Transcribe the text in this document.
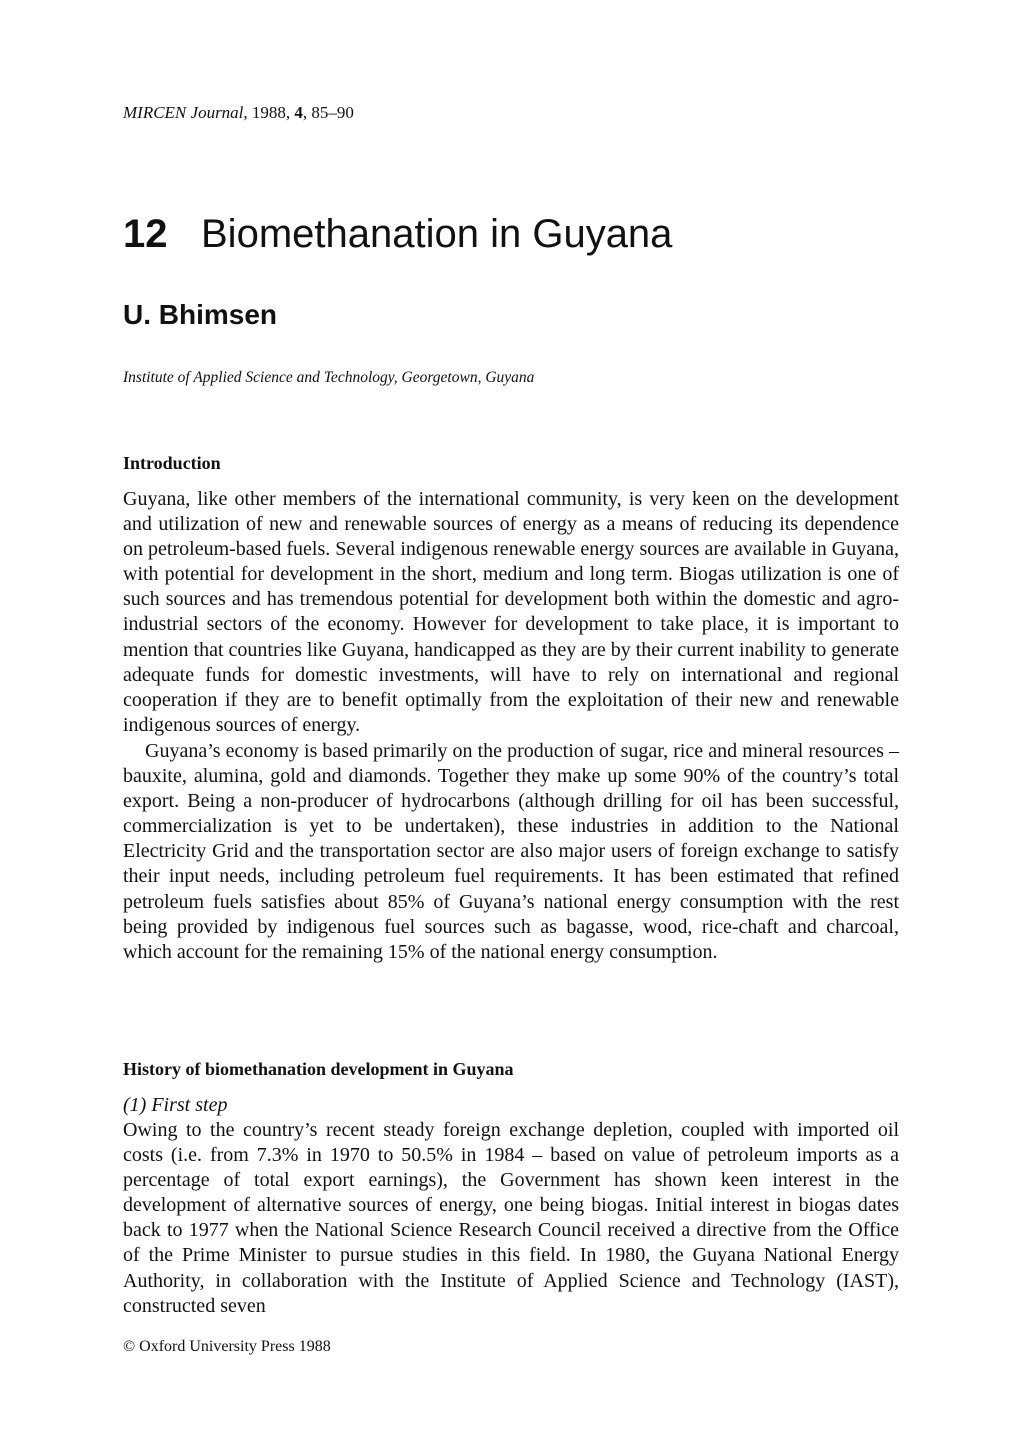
MIRCEN Journal, 1988, 4, 85–90
12 Biomethanation in Guyana
U. Bhimsen
Institute of Applied Science and Technology, Georgetown, Guyana
Introduction

Guyana, like other members of the international community, is very keen on the development and utilization of new and renewable sources of energy as a means of reducing its dependence on petroleum-based fuels. Several indigenous renewable energy sources are available in Guyana, with potential for development in the short, medium and long term. Biogas utilization is one of such sources and has tremendous potential for development both within the domestic and agro-industrial sectors of the economy. However for development to take place, it is important to mention that countries like Guyana, handicapped as they are by their current inability to generate adequate funds for domestic investments, will have to rely on international and regional cooperation if they are to benefit optimally from the exploitation of their new and renewable indigenous sources of energy.

Guyana’s economy is based primarily on the production of sugar, rice and mineral resources – bauxite, alumina, gold and diamonds. Together they make up some 90% of the country’s total export. Being a non-producer of hydrocarbons (although drilling for oil has been successful, commercialization is yet to be undertaken), these industries in addition to the National Electricity Grid and the transportation sector are also major users of foreign exchange to satisfy their input needs, including petroleum fuel requirements. It has been estimated that refined petroleum fuels satisfies about 85% of Guyana’s national energy consumption with the rest being provided by indigenous fuel sources such as bagasse, wood, rice-chaft and charcoal, which account for the remaining 15% of the national energy consumption.

History of biomethanation development in Guyana

(1) First step

Owing to the country’s recent steady foreign exchange depletion, coupled with imported oil costs (i.e. from 7.3% in 1970 to 50.5% in 1984 – based on value of petroleum imports as a percentage of total export earnings), the Government has shown keen interest in the development of alternative sources of energy, one being biogas. Initial interest in biogas dates back to 1977 when the National Science Research Council received a directive from the Office of the Prime Minister to pursue studies in this field. In 1980, the Guyana National Energy Authority, in collaboration with the Institute of Applied Science and Technology (IAST), constructed seven

© Oxford University Press 1988
